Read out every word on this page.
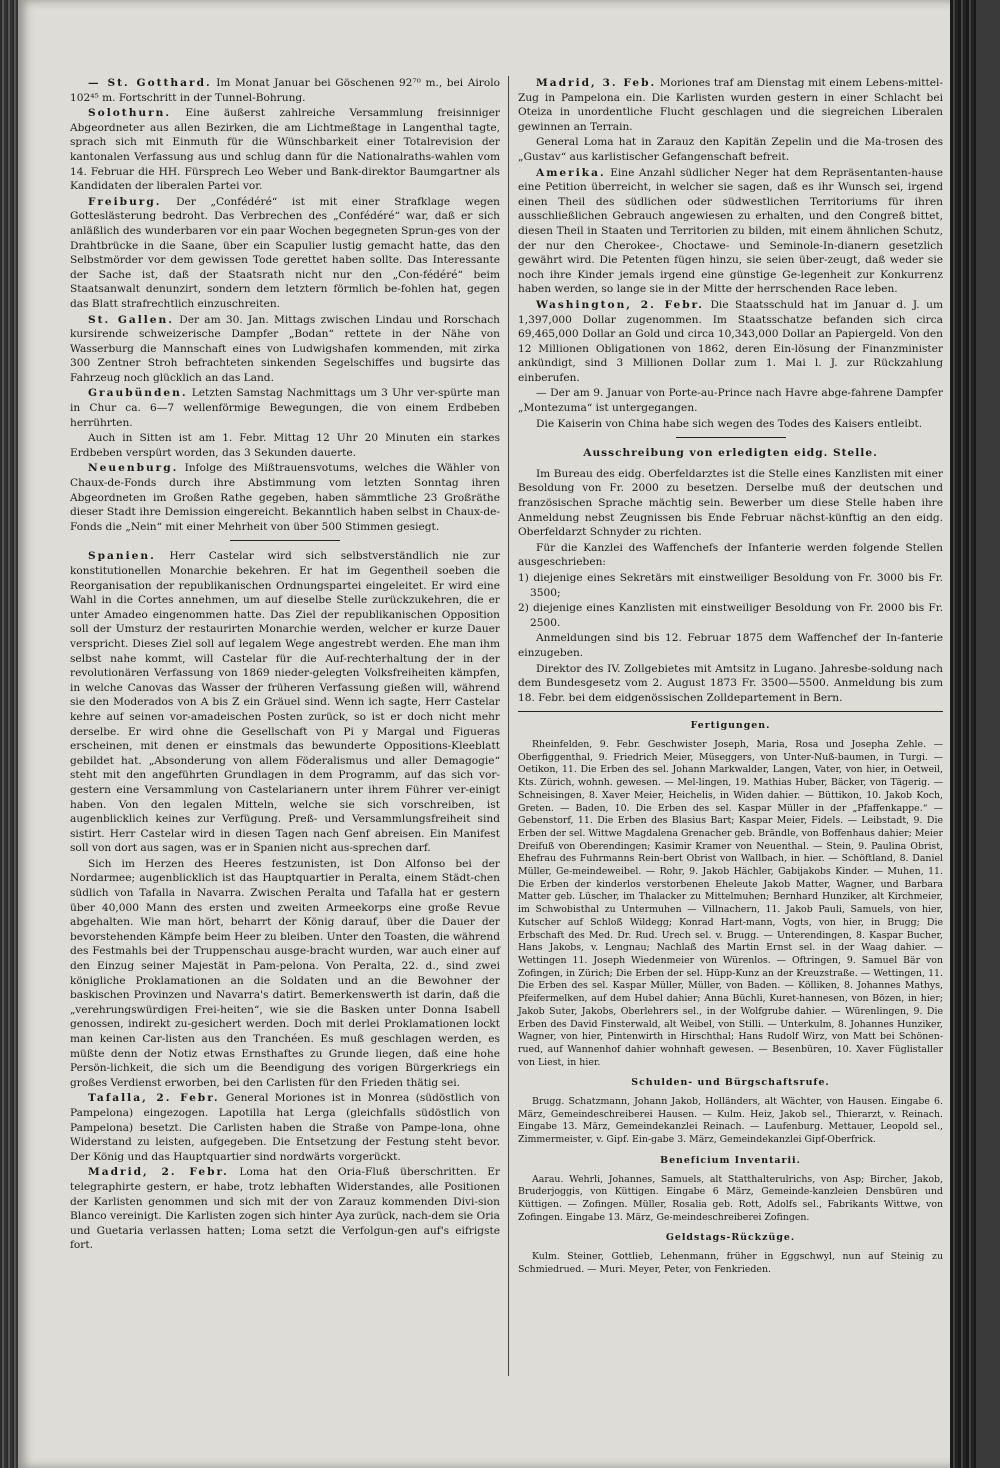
— St. Gotthard. Im Monat Januar bei Göschenen 92⁷⁰ m., bei Airolo 102⁴⁵ m. Fortschritt in der Tunnel-Bohrung.

Solothurn. Eine äußerst zahlreiche Versammlung freisinniger Abgeordneter aus allen Bezirken, die am Lichtmeßtage in Langenthal tagte, sprach sich mit Einmuth für die Wünschbarkeit einer Totalrevision der kantonalen Verfassung aus und schlug dann für die Nationalraths-wahlen vom 14. Februar die HH. Fürsprech Leo Weber und Bank-direktor Baumgartner als Kandidaten der liberalen Partei vor.

Freiburg. Der „Confédéré“ ist mit einer Strafklage wegen Gotteslästerung bedroht. Das Verbrechen des „Confédéré“ war, daß er sich anläßlich des wunderbaren vor ein paar Wochen begegneten Sprun-ges von der Drahtbrücke in die Saane, über ein Scapulier lustig gemacht hatte, das den Selbstmörder vor dem gewissen Tode gerettet haben sollte. Das Interessante der Sache ist, daß der Staatsrath nicht nur den „Con-fédéré“ beim Staatsanwalt denunzirt, sondern dem letztern förmlich be-fohlen hat, gegen das Blatt strafrechtlich einzuschreiten.

St. Gallen. Der am 30. Jan. Mittags zwischen Lindau und Rorschach kursirende schweizerische Dampfer „Bodan“ rettete in der Nähe von Wasserburg die Mannschaft eines von Ludwigshafen kommenden, mit zirka 300 Zentner Stroh befrachteten sinkenden Segelschiffes und bugsirte das Fahrzeug noch glücklich an das Land.

Graubünden. Letzten Samstag Nachmittags um 3 Uhr ver-spürte man in Chur ca. 6—7 wellenförmige Bewegungen, die von einem Erdbeben herrührten.

Auch in Sitten ist am 1. Febr. Mittag 12 Uhr 20 Minuten ein starkes Erdbeben verspürt worden, das 3 Sekunden dauerte.

Neuenburg. Infolge des Mißtrauensvotums, welches die Wähler von Chaux-de-Fonds durch ihre Abstimmung vom letzten Sonntag ihren Abgeordneten im Großen Rathe gegeben, haben sämmtliche 23 Großräthe dieser Stadt ihre Demission eingereicht. Bekanntlich haben selbst in Chaux-de-Fonds die „Nein“ mit einer Mehrheit von über 500 Stimmen gesiegt.

Spanien. Herr Castelar wird sich selbstverständlich nie zur konstitutionellen Monarchie bekehren. Er hat im Gegentheil soeben die Reorganisation der republikanischen Ordnungspartei eingeleitet. Er wird eine Wahl in die Cortes annehmen, um auf dieselbe Stelle zurückzukehren, die er unter Amadeo eingenommen hatte. Das Ziel der republikanischen Opposition soll der Umsturz der restaurirten Monarchie werden, welcher er kurze Dauer verspricht. Dieses Ziel soll auf legalem Wege angestrebt werden. Ehe man ihm selbst nahe kommt, will Castelar für die Auf-rechterhaltung der in der revolutionären Verfassung von 1869 nieder-gelegten Volksfreiheiten kämpfen, in welche Canovas das Wasser der früheren Verfassung gießen will, während sie den Moderados von A bis Z ein Gräuel sind. Wenn ich sagte, Herr Castelar kehre auf seinen vor-amadeischen Posten zurück, so ist er doch nicht mehr derselbe. Er wird ohne die Gesellschaft von Pi y Margal und Figueras erscheinen, mit denen er einstmals das bewunderte Oppositions-Kleeblatt gebildet hat. „Absonderung von allem Föderalismus und aller Demagogie“ steht mit den angeführten Grundlagen in dem Programm, auf das sich vor-gestern eine Versammlung von Castelarianern unter ihrem Führer ver-einigt haben. Von den legalen Mitteln, welche sie sich vorschreiben, ist augenblicklich keines zur Verfügung. Preß- und Versammlungsfreiheit sind sistirt. Herr Castelar wird in diesen Tagen nach Genf abreisen. Ein Manifest soll von dort aus sagen, was er in Spanien nicht aus-sprechen darf.

Sich im Herzen des Heeres festzunisten, ist Don Alfonso bei der Nordarmee; augenblicklich ist das Hauptquartier in Peralta, einem Städt-chen südlich von Tafalla in Navarra. Zwischen Peralta und Tafalla hat er gestern über 40,000 Mann des ersten und zweiten Armeekorps eine große Revue abgehalten. Wie man hört, beharrt der König darauf, über die Dauer der bevorstehenden Kämpfe beim Heer zu bleiben. Unter den Toasten, die während des Festmahls bei der Truppenschau ausge-bracht wurden, war auch einer auf den Einzug seiner Majestät in Pam-pelona. Von Peralta, 22. d., sind zwei königliche Proklamationen an die Soldaten und an die Bewohner der baskischen Provinzen und Navarra's datirt. Bemerkenswerth ist darin, daß die „verehrungswürdigen Frei-heiten“, wie sie die Basken unter Donna Isabell genossen, indirekt zu-gesichert werden. Doch mit derlei Proklamationen lockt man keinen Car-listen aus den Tranchéen. Es muß geschlagen werden, es müßte denn der Notiz etwas Ernsthaftes zu Grunde liegen, daß eine hohe Persön-lichkeit, die sich um die Beendigung des vorigen Bürgerkriegs ein großes Verdienst erworben, bei den Carlisten für den Frieden thätig sei.

Tafalla, 2. Febr. General Moriones ist in Monrea (südöstlich von Pampelona) eingezogen. Lapotilla hat Lerga (gleichfalls südöstlich von Pampelona) besetzt. Die Carlisten haben die Straße von Pampe-lona, ohne Widerstand zu leisten, aufgegeben. Die Entsetzung der Festung steht bevor. Der König und das Hauptquartier sind nordwärts vorgerückt.

Madrid, 2. Febr. Loma hat den Oria-Fluß überschritten. Er telegraphirte gestern, er habe, trotz lebhaften Widerstandes, alle Positionen der Karlisten genommen und sich mit der von Zarauz kommenden Divi-sion Blanco vereinigt. Die Karlisten zogen sich hinter Aya zurück, nach-dem sie Oria und Guetaria verlassen hatten; Loma setzt die Verfolgun-gen auf's eifrigste fort.

Madrid, 3. Feb. Moriones traf am Dienstag mit einem Lebens-mittel-Zug in Pampelona ein. Die Karlisten wurden gestern in einer Schlacht bei Oteiza in unordentliche Flucht geschlagen und die siegreichen Liberalen gewinnen an Terrain.

General Loma hat in Zarauz den Kapitän Zepelin und die Ma-trosen des „Gustav“ aus karlistischer Gefangenschaft befreit.

Amerika. Eine Anzahl südlicher Neger hat dem Repräsentanten-hause eine Petition überreicht, in welcher sie sagen, daß es ihr Wunsch sei, irgend einen Theil des südlichen oder südwestlichen Territoriums für ihren ausschließlichen Gebrauch angewiesen zu erhalten, und den Congreß bittet, diesen Theil in Staaten und Territorien zu bilden, mit einem ähnlichen Schutz, der nur den Cherokee-, Choctawe- und Seminole-In-dianern gesetzlich gewährt wird. Die Petenten fügen hinzu, sie seien über-zeugt, daß weder sie noch ihre Kinder jemals irgend eine günstige Ge-legenheit zur Konkurrenz haben werden, so lange sie in der Mitte der herrschenden Race leben.

Washington, 2. Febr. Die Staatsschuld hat im Januar d. J. um 1,397,000 Dollar zugenommen. Im Staatsschatze befanden sich circa 69,465,000 Dollar an Gold und circa 10,343,000 Dollar an Papiergeld. Von den 12 Millionen Obligationen von 1862, deren Ein-lösung der Finanzminister ankündigt, sind 3 Millionen Dollar zum 1. Mai l. J. zur Rückzahlung einberufen.

— Der am 9. Januar von Porte-au-Prince nach Havre abge-fahrene Dampfer „Montezuma“ ist untergegangen.

Die Kaiserin von China habe sich wegen des Todes des Kaisers entleibt.

Ausschreibung von erledigten eidg. Stelle.

Im Bureau des eidg. Oberfeldarztes ist die Stelle eines Kanzlisten mit einer Besoldung von Fr. 2000 zu besetzen. Derselbe muß der deutschen und französischen Sprache mächtig sein. Bewerber um diese Stelle haben ihre Anmeldung nebst Zeugnissen bis Ende Februar nächst-künftig an den eidg. Oberfeldarzt Schnyder zu richten.

Für die Kanzlei des Waffenchefs der Infanterie werden folgende Stellen ausgeschrieben:

1) diejenige eines Sekretärs mit einstweiliger Besoldung von Fr. 3000 bis Fr. 3500;

2) diejenige eines Kanzlisten mit einstweiliger Besoldung von Fr. 2000 bis Fr. 2500.

Anmeldungen sind bis 12. Februar 1875 dem Waffenchef der In-fanterie einzugeben.

Direktor des IV. Zollgebietes mit Amtsitz in Lugano. Jahresbe-soldung nach dem Bundesgesetz vom 2. August 1873 Fr. 3500—5500. Anmeldung bis zum 18. Febr. bei dem eidgenössischen Zolldepartement in Bern.

Fertigungen.

Rheinfelden, 9. Febr. Geschwister Joseph, Maria, Rosa und Josepha Zehle. — Oberfiggenthal, 9. Friedrich Meier, Müseggers, von Unter-Nuß-baumen, in Turgi. — Oetikon, 11. Die Erben des sel. Johann Markwalder, Langen, Vater, von hier, in Oetweil, Kts. Zürich, wohnh. gewesen. — Mel-lingen, 19. Mathias Huber, Bäcker, von Tägerig. — Schneisingen, 8. Xaver Meier, Heichelis, in Widen dahier. — Büttikon, 10. Jakob Koch, Greten. — Baden, 10. Die Erben des sel. Kaspar Müller in der „Pfaffenkappe.“ — Gebenstorf, 11. Die Erben des Blasius Bart; Kaspar Meier, Fidels. — Leibstadt, 9. Die Erben der sel. Wittwe Magdalena Grenacher geb. Brändle, von Boffenhaus dahier; Meier Dreifuß von Oberendingen; Kasimir Kramer von Neuenthal. — Stein, 9. Paulina Obrist, Ehefrau des Fuhrmanns Rein-bert Obrist von Wallbach, in hier. — Schöftland, 8. Daniel Müller, Ge-meindeweibel. — Rohr, 9. Jakob Hächler, Gabijakobs Kinder. — Muhen, 11. Die Erben der kinderlos verstorbenen Eheleute Jakob Matter, Wagner, und Barbara Matter geb. Lüscher, im Thalacker zu Mittelmuhen; Bernhard Hunziker, alt Kirchmeier, im Schwobisthal zu Untermuhen — Villnachern, 11. Jakob Pauli, Samuels, von hier, Kutscher auf Schloß Wildegg; Konrad Hart-mann, Vogts, von hier, in Brugg; Die Erbschaft des Med. Dr. Rud. Urech sel. v. Brugg. — Unterendingen, 8. Kaspar Bucher, Hans Jakobs, v. Lengnau; Nachlaß des Martin Ernst sel. in der Waag dahier. — Wettingen 11. Joseph Wiedenmeier von Würenlos. — Oftringen, 9. Samuel Bär von Zofingen, in Zürich; Die Erben der sel. Hüpp-Kunz an der Kreuzstraße. — Wettingen, 11. Die Erben des sel. Kaspar Müller, Müller, von Baden. — Kölliken, 8. Johannes Mathys, Pfeifermelken, auf dem Hubel dahier; Anna Büchli, Kuret-hannesen, von Bözen, in hier; Jakob Suter, Jakobs, Oberlehrers sel., in der Wolfgrube dahier. — Würenlingen, 9. Die Erben des David Finsterwald, alt Weibel, von Stilli. — Unterkulm, 8. Johannes Hunziker, Wagner, von hier, Pintenwirth in Hirschthal; Hans Rudolf Wirz, von Matt bei Schönen-rued, auf Wannenhof dahier wohnhaft gewesen. — Besenbüren, 10. Xaver Füglistaller von Liest, in hier.

Schulden- und Bürgschaftsrufe.

Brugg. Schatzmann, Johann Jakob, Holländers, alt Wächter, von Hausen. Eingabe 6. März, Gemeindeschreiberei Hausen. — Kulm. Heiz, Jakob sel., Thierarzt, v. Reinach. Eingabe 13. März, Gemeindekanzlei Reinach. — Laufenburg. Mettauer, Leopold sel., Zimmermeister, v. Gipf. Ein-gabe 3. März, Gemeindekanzlei Gipf-Oberfrick.

Beneficium Inventarii.

Aarau. Wehrli, Johannes, Samuels, alt Statthalterulrichs, von Asp; Bircher, Jakob, Bruderjoggis, von Küttigen. Eingabe 6 März, Gemeinde-kanzleien Densbüren und Küttigen. — Zofingen. Müller, Rosalia geb. Rott, Adolfs sel., Fabrikants Wittwe, von Zofingen. Eingabe 13. März, Ge-meindeschreiberei Zofingen.

Geldstags-Rückzüge.

Kulm. Steiner, Gottlieb, Lehenmann, früher in Eggschwyl, nun auf Steinig zu Schmiedrued. — Muri. Meyer, Peter, von Fenkrieden.
